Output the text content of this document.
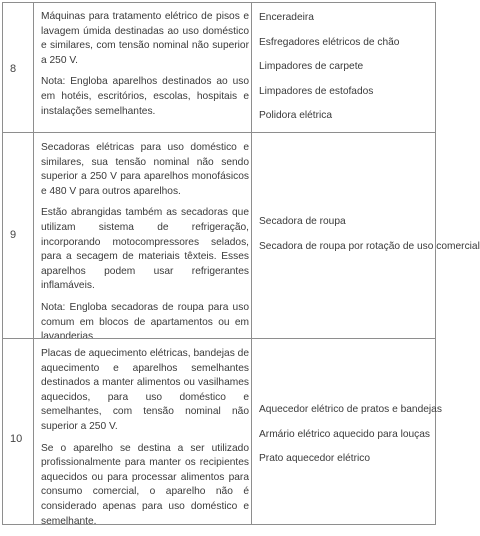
8

Máquinas para tratamento elétrico de pisos e lavagem úmida destinadas ao uso doméstico e similares, com tensão nominal não superior a 250 V.

Nota: Engloba aparelhos destinados ao uso em hotéis, escritórios, escolas, hospitais e instalações semelhantes.

Enceradeira
Esfregadores elétricos de chão
Limpadores de carpete
Limpadores de estofados
Polidora elétrica
9

Secadoras elétricas para uso doméstico e similares, sua tensão nominal não sendo superior a 250 V para aparelhos monofásicos e 480 V para outros aparelhos.

Estão abrangidas também as secadoras que utilizam sistema de refrigeração, incorporando motocompressores selados, para a secagem de materiais têxteis. Esses aparelhos podem usar refrigerantes inflamáveis.

Nota: Engloba secadoras de roupa para uso comum em blocos de apartamentos ou em lavanderias

Secadora de roupa
Secadora de roupa por rotação de uso comercial
10

Placas de aquecimento elétricas, bandejas de aquecimento e aparelhos semelhantes destinados a manter alimentos ou vasilhames aquecidos, para uso doméstico e semelhantes, com tensão nominal não superior a 250 V.

Se o aparelho se destina a ser utilizado profissionalmente para manter os recipientes aquecidos ou para processar alimentos para consumo comercial, o aparelho não é considerado apenas para uso doméstico e semelhante.

Aquecedor elétrico de pratos e bandejas
Armário elétrico aquecido para louças
Prato aquecedor elétrico
